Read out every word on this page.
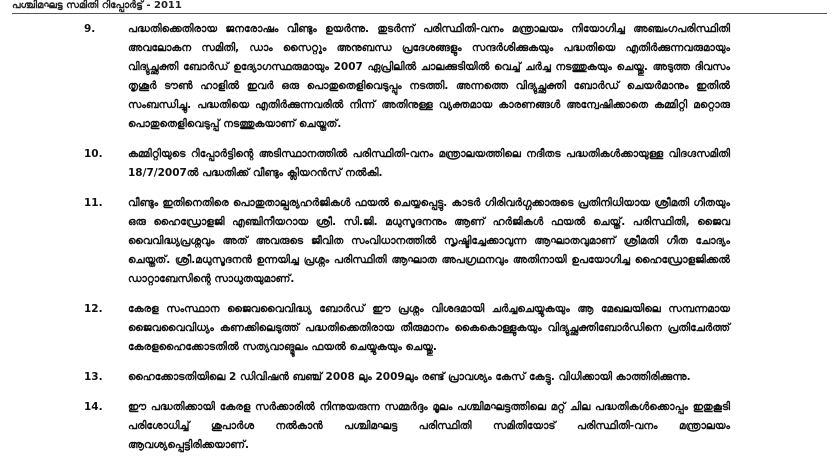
പശ്ചിമഘട്ട സമിതി റിപ്പോർട്ട് - 2011
9.	പദ്ധതിക്കെതിരായ ജനരോഷം വീണ്ടും ഉയർന്നു. തുടർന്ന് പരിസ്ഥിതി-വനം മന്ത്രാലയം നിയോഗിച്ച അഞ്ചംഗപരിസ്ഥിതി അവലോകന സമിതി, ഡാം സൈറ്റും അനുബന്ധ പ്രദേശങ്ങളും സന്ദർശിക്കുകയും പദ്ധതിയെ എതിർക്കുന്നവരുമായും വിദ്യുച്ഛക്തി ബോർഡ് ഉദ്യോഗസ്ഥരുമായും 2007 ഏപ്രിലിൽ ചാലക്കുടിയിൽ വെച്ച് ചർച്ച നടത്തുകയും ചെയ്തു. അടുത്ത ദിവസം തൃശൂർ ടൗൺ ഹാളിൽ ഇവർ ഒരു പൊതുതെളിവെടുപ്പും നടത്തി. അന്നത്തെ വിദ്യുച്ഛക്തി ബോർഡ് ചെയർമാനും ഇതിൽ സംബന്ധിച്ചു. പദ്ധതിയെ എതിർക്കുന്നവരിൽ നിന്ന് അതിനുള്ള വ്യക്തമായ കാരണങ്ങൾ അന്വേഷിക്കാതെ കമ്മിറ്റി മറ്റൊരു പൊതുതെളിവെടുപ്പ് നടത്തുകയാണ് ചെയ്തത്.
10. കമ്മിറ്റിയുടെ റിപ്പോർട്ടിന്റെ അടിസ്ഥാനത്തിൽ പരിസ്ഥിതി-വനം മന്ത്രാലയത്തിലെ നദീതട പദ്ധതികൾക്കായുള്ള വിദഗ്ദസമിതി 18/7/2007ൽ പദ്ധതിക്ക് വീണ്ടും ക്ലിയറൻസ് നൽകി.
11. വീണ്ടും ഇതിനെതിരെ പൊതുതാല്പര്യഹർജികൾ ഫയൽ ചെയ്യപ്പെട്ടു. കാടർ ഗിരിവർഗ്ഗക്കാരുടെ പ്രതിനിധിയായ ശ്രീമതി ഗീതയും ഒരു ഹൈഡ്രോളജി എഞ്ചിനീയറായ ശ്രീ. സി.ജി. മധുസൂദനനും ആണ് ഹർജികൾ ഫയൽ ചെയ്ത്. പരിസ്ഥിതി, ജൈവ വൈവിദ്ധ്യപ്രശ്നവും അത് അവരുടെ ജീവിത സംവിധാനത്തിൽ സൃഷ്ടിച്ചേക്കാവുന്ന ആഘാതവുമാണ് ശ്രീമതി ഗീത ചോദ്യം ചെയ്തത്. ശ്രീ.മധുസൂദനൻ ഉന്നയിച്ച പ്രശ്നം പരിസ്ഥിതി ആഘാത അപഗ്രഥനവും അതിനായി ഉപയോഗിച്ച ഹൈഡ്രോളജിക്കൽ ഡാറ്റാബേസിന്റെ സാധുതയുമാണ്.
12. കേരള സംസ്ഥാന ജൈവവൈവിദ്ധ്യ ബോർഡ് ഈ പ്രശ്നം വിശദമായി ചർച്ചചെയ്യുകയും ആ മേഖലയിലെ സമ്പന്നമായ ജൈവവൈവിധ്യം കണക്കിലെടുത്ത് പദ്ധതിക്കെതിരായ തീരുമാനം കൈകൊള്ളുകയും വിദ്യുച്ഛക്തിബോർഡിനെ പ്രതിചേർത്ത് കേരളഹൈക്കോടതിൽ സത്യവാങ്മൂലം ഫയൽ ചെയ്യുകയും ചെയ്തു.
13. ഹൈക്കോടതിയിലെ 2 ഡിവിഷൻ ബഞ്ച് 2008 ലും 2009ലും രണ്ട് പ്രാവശ്യം കേസ് കേട്ടു. വിധിക്കായി കാത്തിരിക്കുന്നു.
14. ഈ പദ്ധതിക്കായി കേരള സർക്കാരിൽ നിന്നുയരുന്ന സമ്മർദ്ദം മൂലം പശ്ചിമഘട്ടത്തിലെ മറ്റ് ചില പദ്ധതികൾക്കൊപ്പം ഇതുകൂടി പരിശോധിച്ച് ശുപാർശ നൽകാൻ പശ്ചിമഘട്ട പരിസ്ഥിതി സമിതിയോട് പരിസ്ഥിതി-വനം മന്ത്രാലയം ആവശ്യപ്പെട്ടിരിക്കയാണ്.
